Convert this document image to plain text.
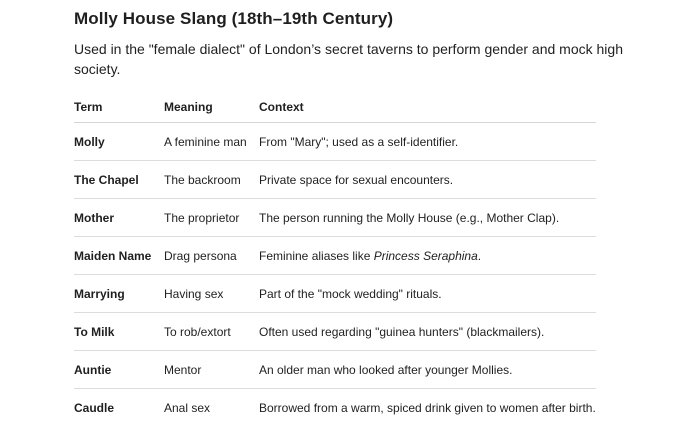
Molly House Slang (18th–19th Century)
Used in the "female dialect" of London’s secret taverns to perform gender and mock high society.
Term	Meaning	Context
Molly	A feminine man	From "Mary"; used as a self-identifier.
The Chapel	The backroom	Private space for sexual encounters.
Mother	The proprietor	The person running the Molly House (e.g., Mother Clap).
Maiden Name	Drag persona	Feminine aliases like Princess Seraphina.
Marrying	Having sex	Part of the "mock wedding" rituals.
To Milk	To rob/extort	Often used regarding "guinea hunters" (blackmailers).
Auntie	Mentor	An older man who looked after younger Mollies.
Caudle	Anal sex	Borrowed from a warm, spiced drink given to women after birth.
